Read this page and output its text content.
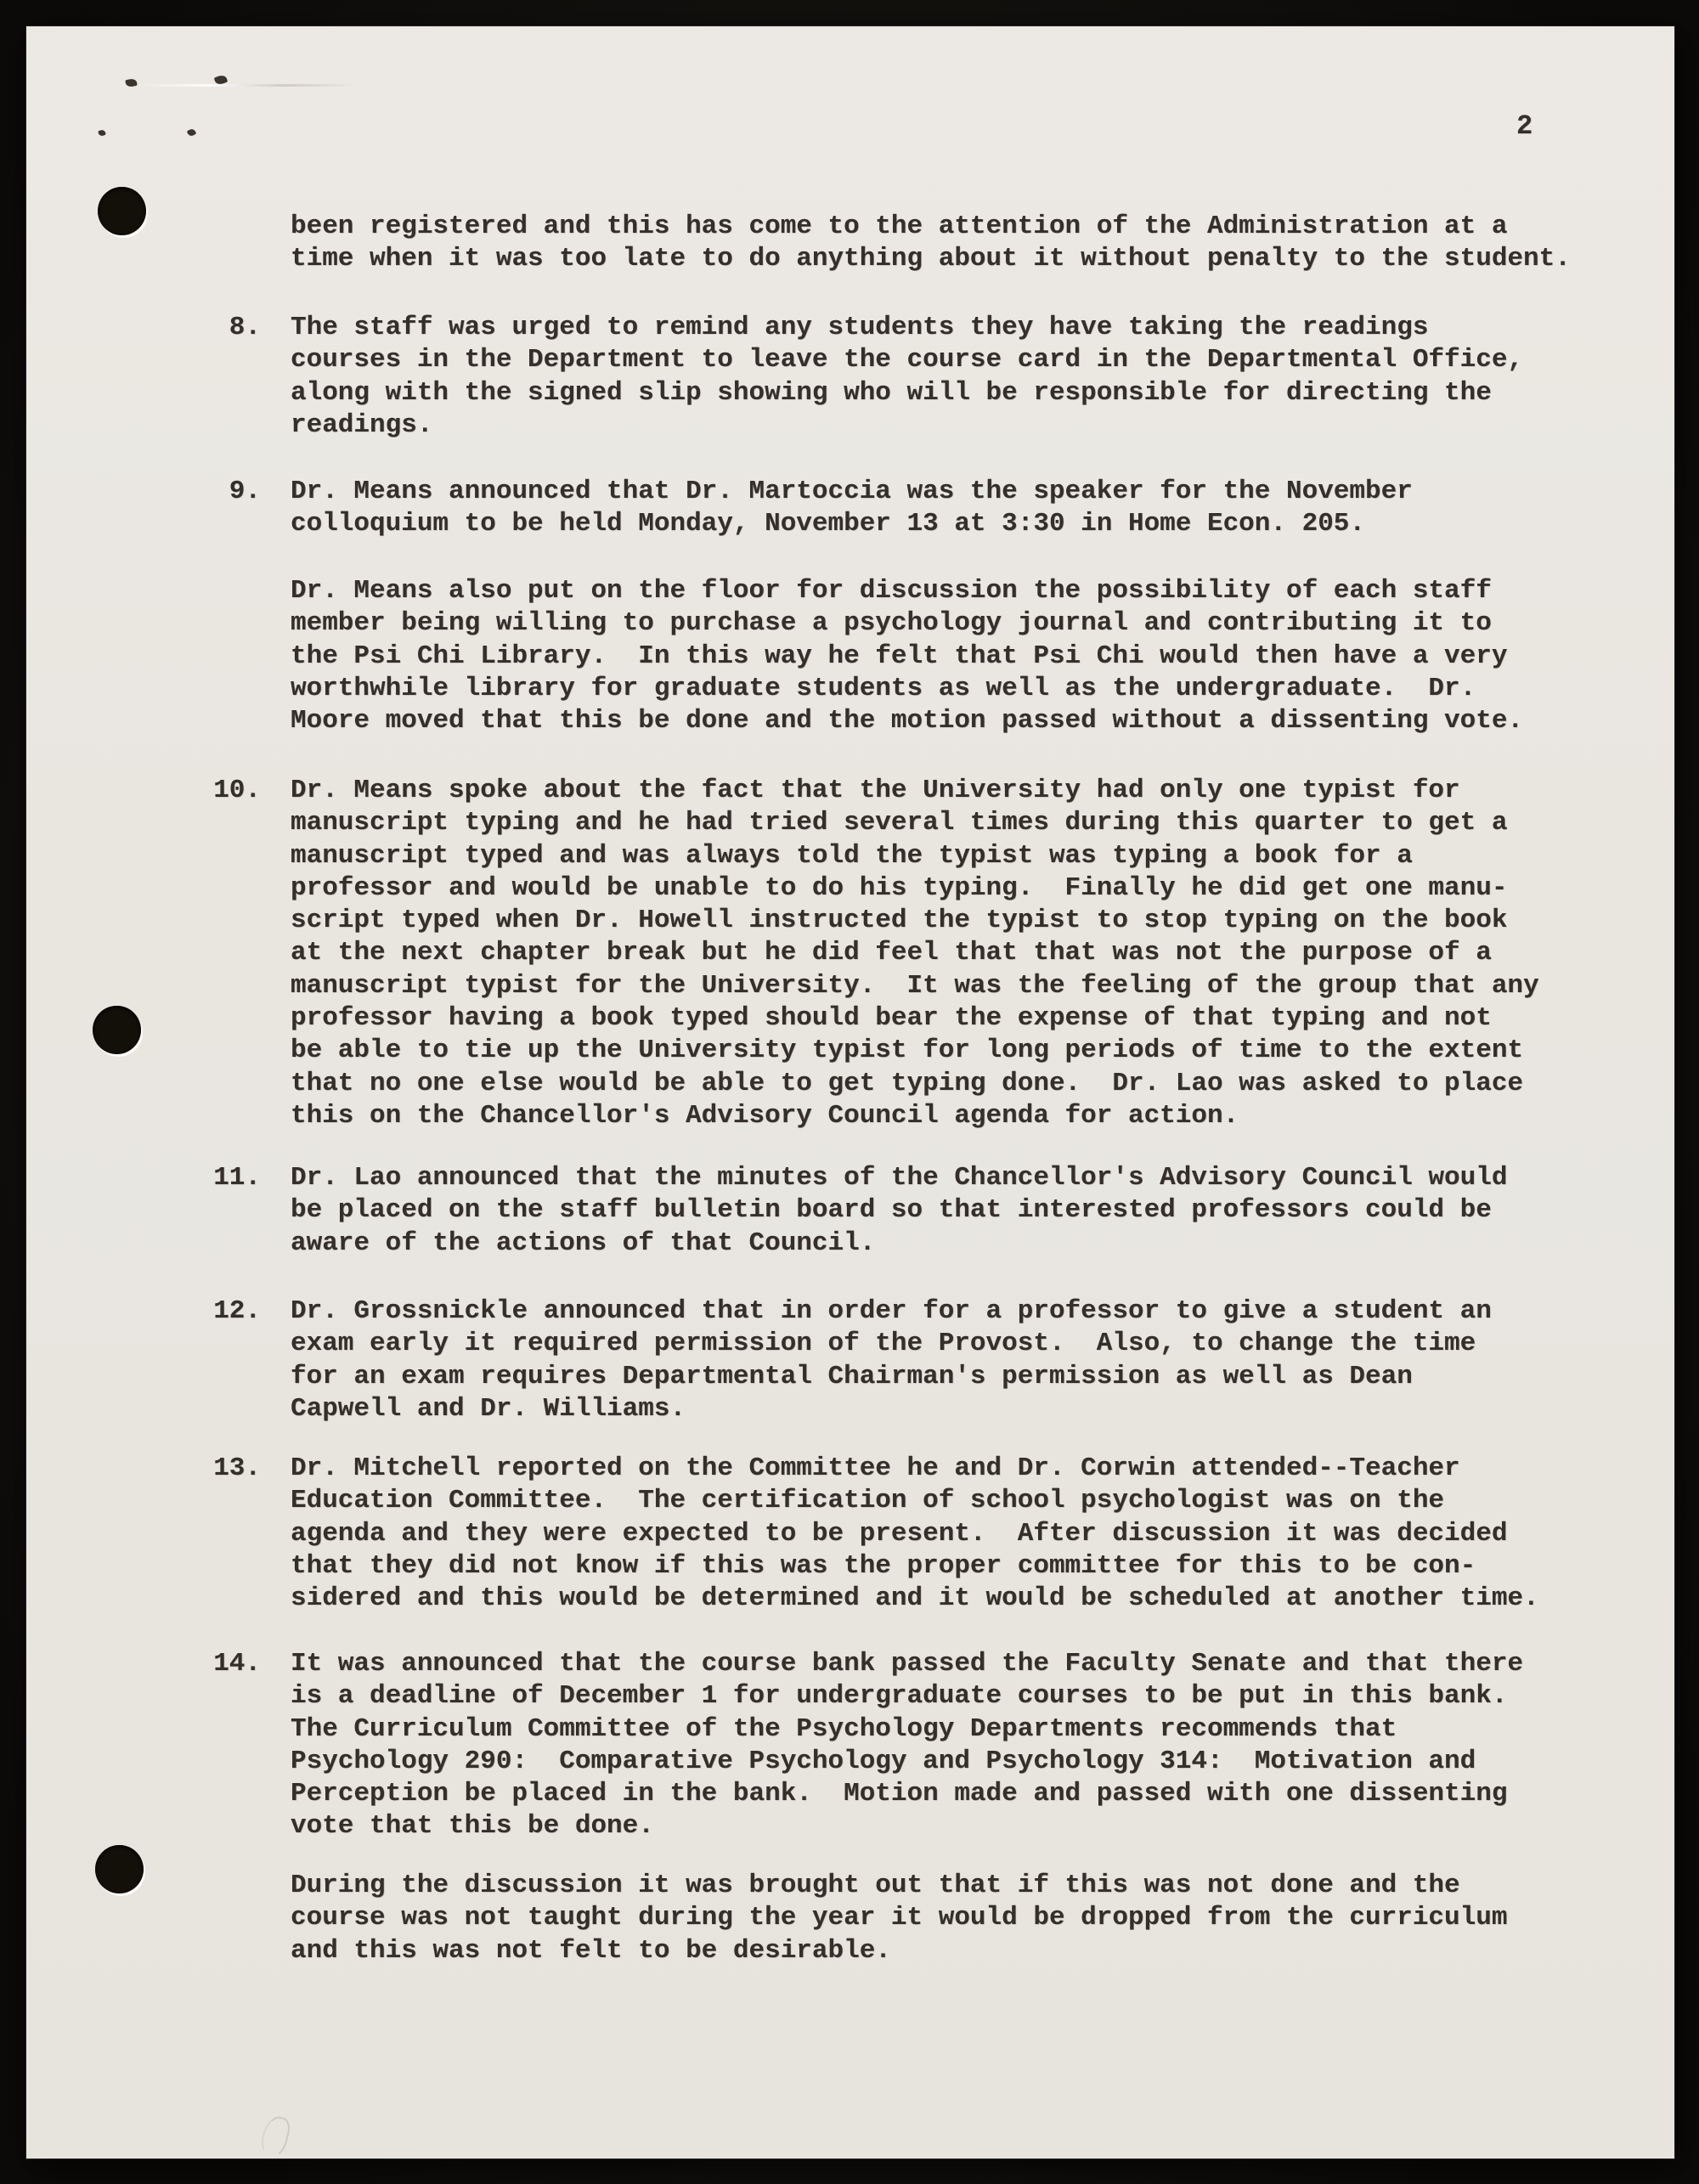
2
been registered and this has come to the attention of the Administration at a
time when it was too late to do anything about it without penalty to the student.
8. The staff was urged to remind any students they have taking the readings
courses in the Department to leave the course card in the Departmental Office,
along with the signed slip showing who will be responsible for directing the
readings.
9. Dr. Means announced that Dr. Martoccia was the speaker for the November
colloquium to be held Monday, November 13 at 3:30 in Home Econ. 205.
Dr. Means also put on the floor for discussion the possibility of each staff
member being willing to purchase a psychology journal and contributing it to
the Psi Chi Library.  In this way he felt that Psi Chi would then have a very
worthwhile library for graduate students as well as the undergraduate.  Dr.
Moore moved that this be done and the motion passed without a dissenting vote.
10. Dr. Means spoke about the fact that the University had only one typist for
manuscript typing and he had tried several times during this quarter to get a
manuscript typed and was always told the typist was typing a book for a
professor and would be unable to do his typing.  Finally he did get one manu-
script typed when Dr. Howell instructed the typist to stop typing on the book
at the next chapter break but he did feel that that was not the purpose of a
manuscript typist for the University.  It was the feeling of the group that any
professor having a book typed should bear the expense of that typing and not
be able to tie up the University typist for long periods of time to the extent
that no one else would be able to get typing done.  Dr. Lao was asked to place
this on the Chancellor's Advisory Council agenda for action.
11. Dr. Lao announced that the minutes of the Chancellor's Advisory Council would
be placed on the staff bulletin board so that interested professors could be
aware of the actions of that Council.
12. Dr. Grossnickle announced that in order for a professor to give a student an
exam early it required permission of the Provost.  Also, to change the time
for an exam requires Departmental Chairman's permission as well as Dean
Capwell and Dr. Williams.
13. Dr. Mitchell reported on the Committee he and Dr. Corwin attended--Teacher
Education Committee.  The certification of school psychologist was on the
agenda and they were expected to be present.  After discussion it was decided
that they did not know if this was the proper committee for this to be con-
sidered and this would be determined and it would be scheduled at another time.
14. It was announced that the course bank passed the Faculty Senate and that there
is a deadline of December 1 for undergraduate courses to be put in this bank.
The Curriculum Committee of the Psychology Departments recommends that
Psychology 290:  Comparative Psychology and Psychology 314:  Motivation and
Perception be placed in the bank.  Motion made and passed with one dissenting
vote that this be done.
During the discussion it was brought out that if this was not done and the
course was not taught during the year it would be dropped from the curriculum
and this was not felt to be desirable.
